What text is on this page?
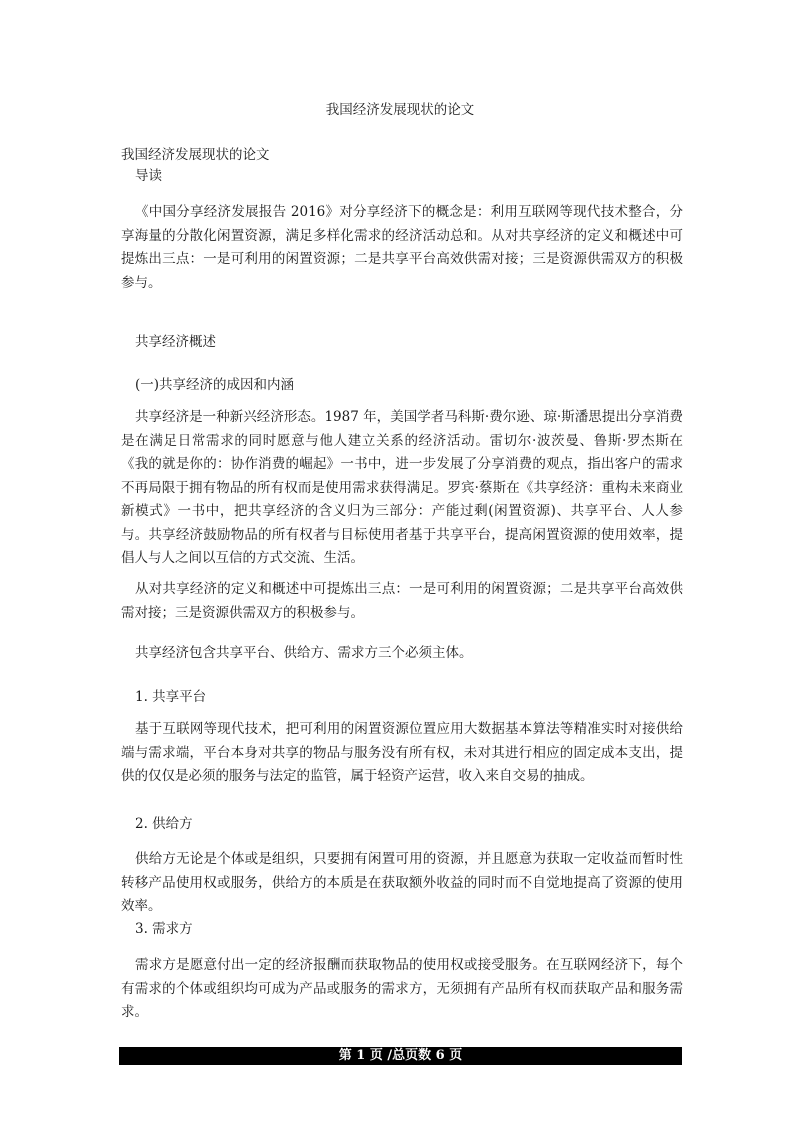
我国经济发展现状的论文
我国经济发展现状的论文
导读

《中国分享经济发展报告 2016》对分享经济下的概念是：利用互联网等现代技术整合，分享海量的分散化闲置资源，满足多样化需求的经济活动总和。从对共享经济的定义和概述中可提炼出三点：一是可利用的闲置资源；二是共享平台高效供需对接；三是资源供需双方的积极参与。

共享经济概述
(一)共享经济的成因和内涵

共享经济是一种新兴经济形态。1987 年，美国学者马科斯·费尔逊、琼·斯潘思提出分享消费是在满足日常需求的同时愿意与他人建立关系的经济活动。雷切尔·波茨曼、鲁斯·罗杰斯在《我的就是你的：协作消费的崛起》一书中，进一步发展了分享消费的观点，指出客户的需求不再局限于拥有物品的所有权而是使用需求获得满足。罗宾·蔡斯在《共享经济：重构未来商业新模式》一书中，把共享经济的含义归为三部分：产能过剩(闲置资源)、共享平台、人人参与。共享经济鼓励物品的所有权者与目标使用者基于共享平台，提高闲置资源的使用效率，提倡人与人之间以互信的方式交流、生活。

从对共享经济的定义和概述中可提炼出三点：一是可利用的闲置资源；二是共享平台高效供需对接；三是资源供需双方的积极参与。

共享经济包含共享平台、供给方、需求方三个必须主体。

1. 共享平台

基于互联网等现代技术，把可利用的闲置资源位置应用大数据基本算法等精准实时对接供给端与需求端，平台本身对共享的物品与服务没有所有权，未对其进行相应的固定成本支出，提供的仅仅是必须的服务与法定的监管，属于轻资产运营，收入来自交易的抽成。

2. 供给方

供给方无论是个体或是组织，只要拥有闲置可用的资源，并且愿意为获取一定收益而暂时性转移产品使用权或服务，供给方的本质是在获取额外收益的同时而不自觉地提高了资源的使用效率。

3. 需求方

需求方是愿意付出一定的经济报酬而获取物品的使用权或接受服务。在互联网经济下，每个有需求的个体或组织均可成为产品或服务的需求方，无须拥有产品所有权而获取产品和服务需求。

第 1 页 /总页数 6 页
